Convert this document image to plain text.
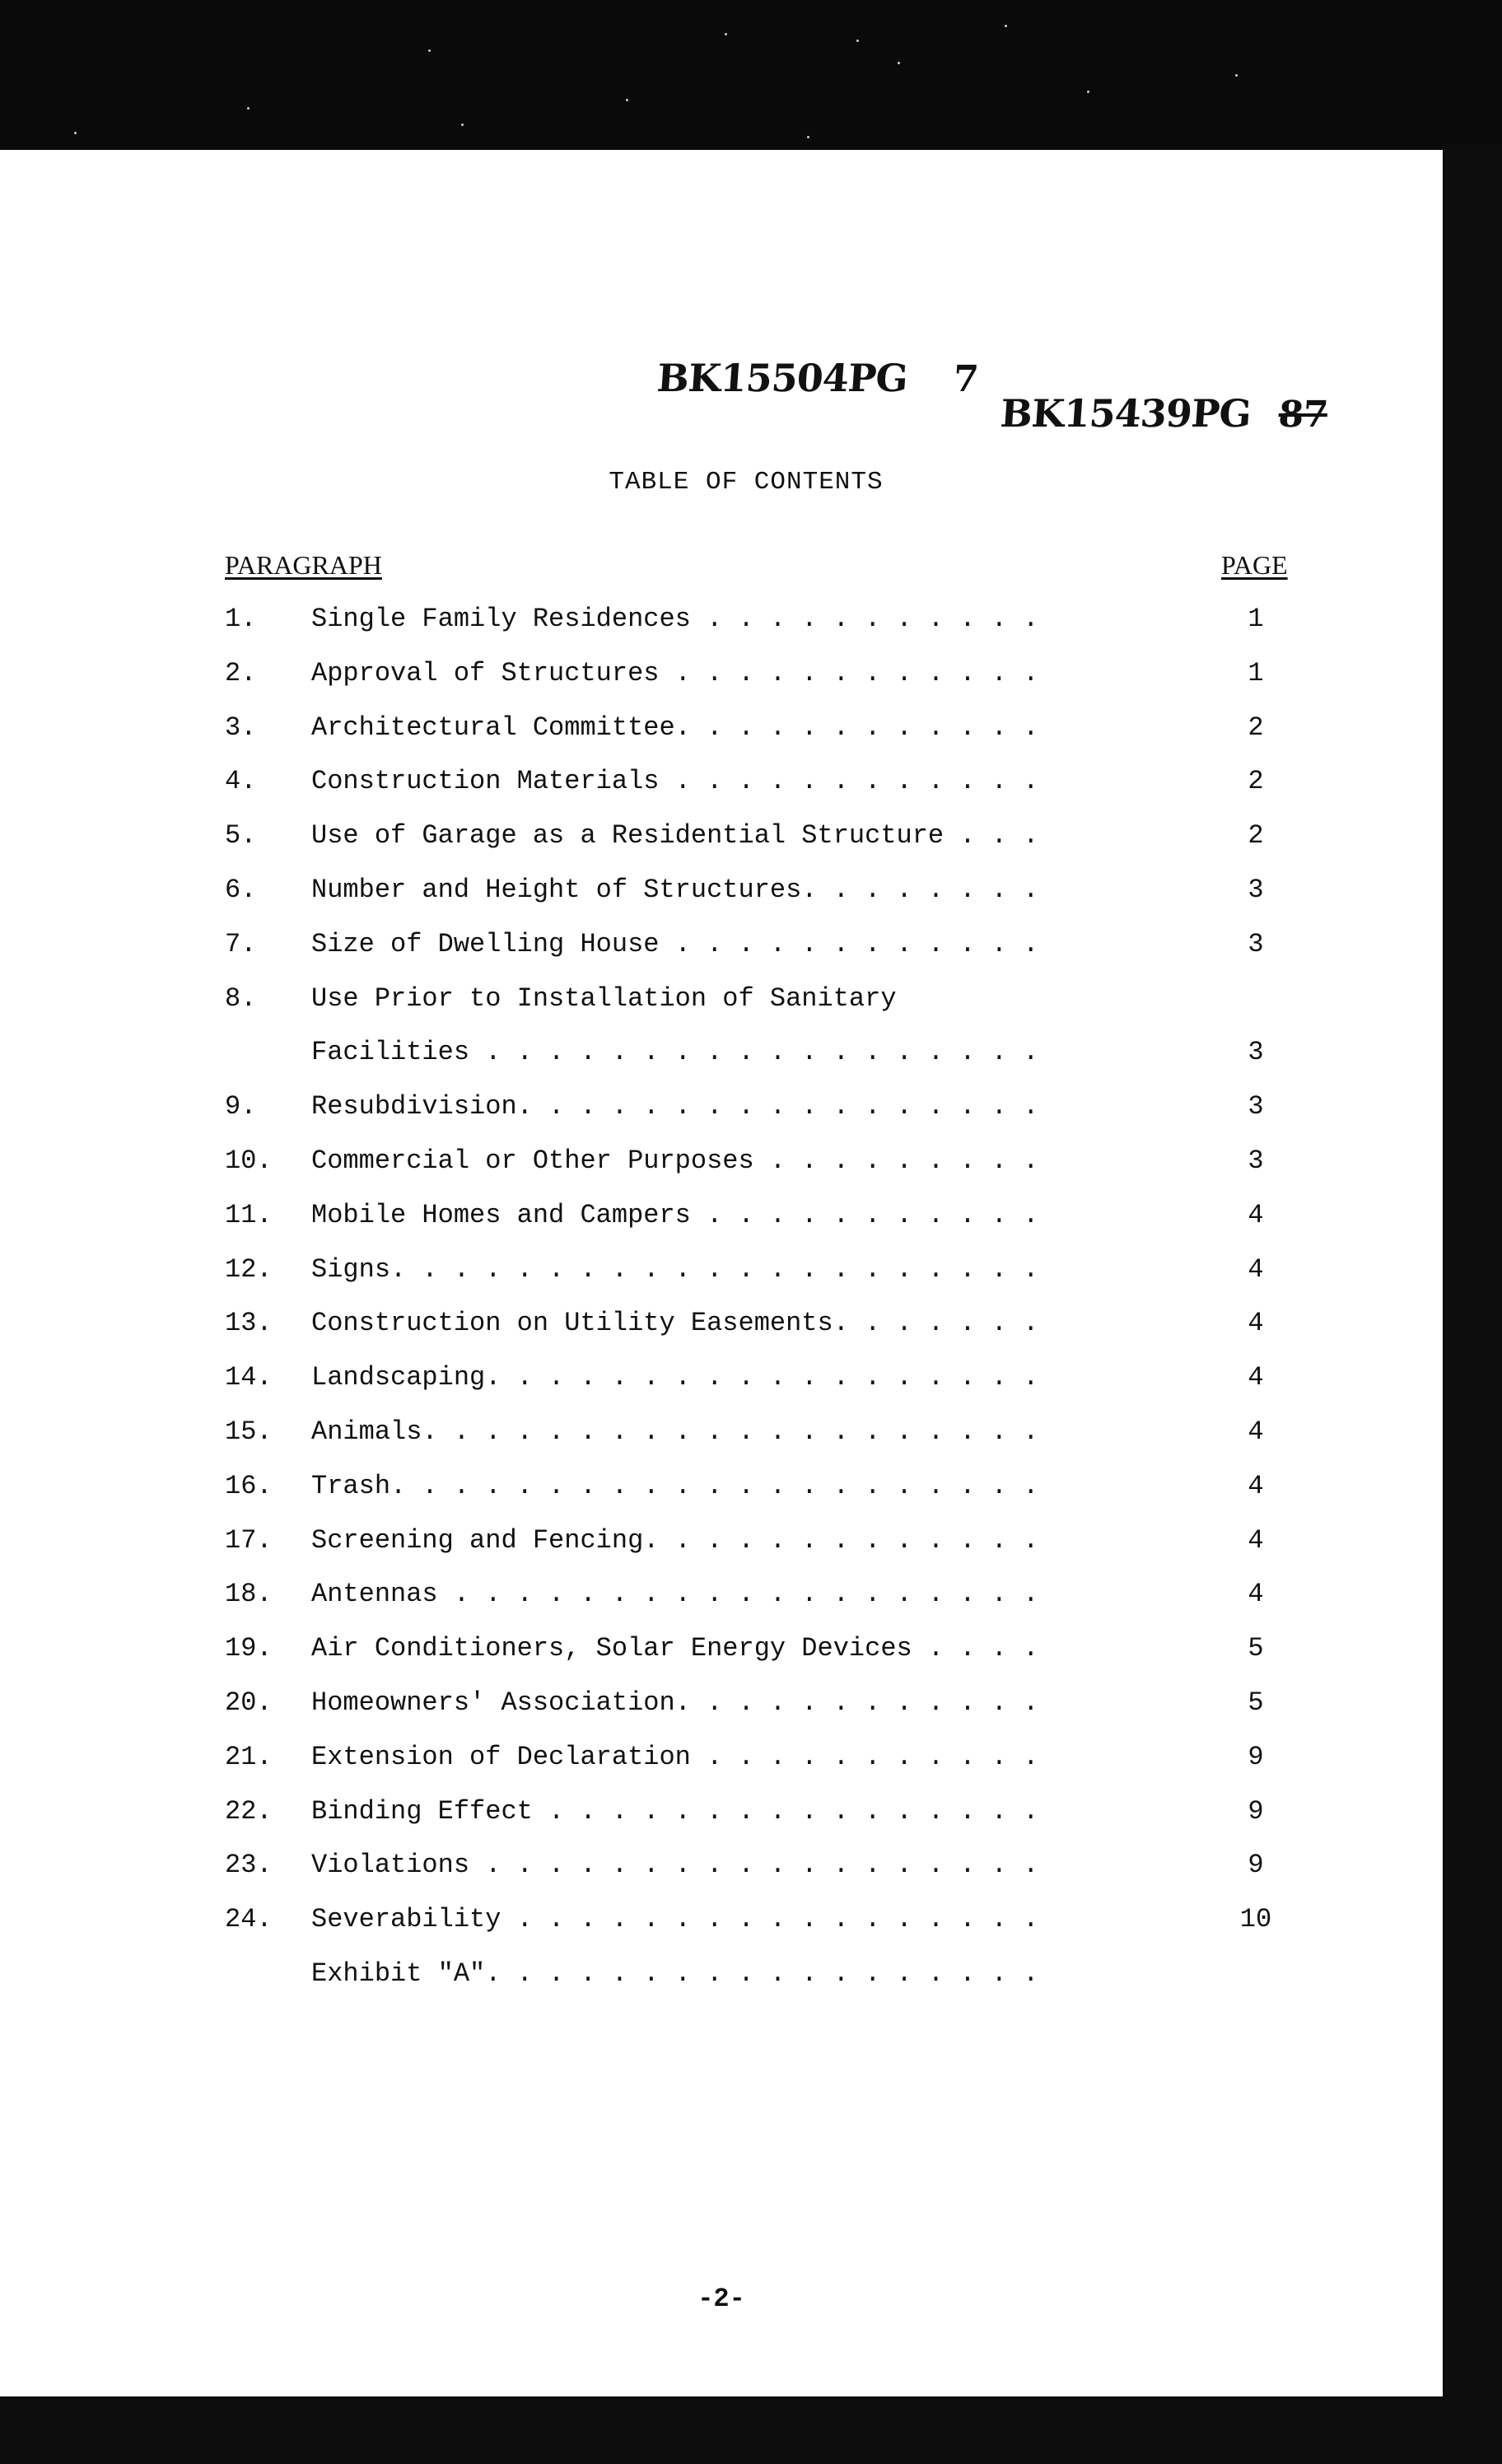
BK15504PG 7
BK15439PG 87
TABLE OF CONTENTS
PARAGRAPH	PAGE
1. Single Family Residences . . . . . . . . . . .	1
2. Approval of Structures . . . . . . . . . . . .	1
3. Architectural Committee. . . . . . . . . . . .	2
4. Construction Materials . . . . . . . . . . . .	2
5. Use of Garage as a Residential Structure . . .	2
6. Number and Height of Structures. . . . . . . .	3
7. Size of Dwelling House . . . . . . . . . . . .	3
8. Use Prior to Installation of Sanitary
Facilities . . . . . . . . . . . . . . . . . .	3
9. Resubdivision. . . . . . . . . . . . . . . . .	3
10. Commercial or Other Purposes . . . . . . . . .	3
11. Mobile Homes and Campers . . . . . . . . . . .	4
12. Signs. . . . . . . . . . . . . . . . . . . . .	4
13. Construction on Utility Easements. . . . . . .	4
14. Landscaping. . . . . . . . . . . . . . . . . .	4
15. Animals. . . . . . . . . . . . . . . . . . . .	4
16. Trash. . . . . . . . . . . . . . . . . . . . .	4
17. Screening and Fencing. . . . . . . . . . . . .	4
18. Antennas . . . . . . . . . . . . . . . . . . .	4
19. Air Conditioners, Solar Energy Devices . . . .	5
20. Homeowners' Association. . . . . . . . . . . .	5
21. Extension of Declaration . . . . . . . . . . .	9
22. Binding Effect . . . . . . . . . . . . . . . .	9
23. Violations . . . . . . . . . . . . . . . . . .	9
24. Severability . . . . . . . . . . . . . . . . .	10
Exhibit "A". . . . . . . . . . . . . . . . . .
-2-
